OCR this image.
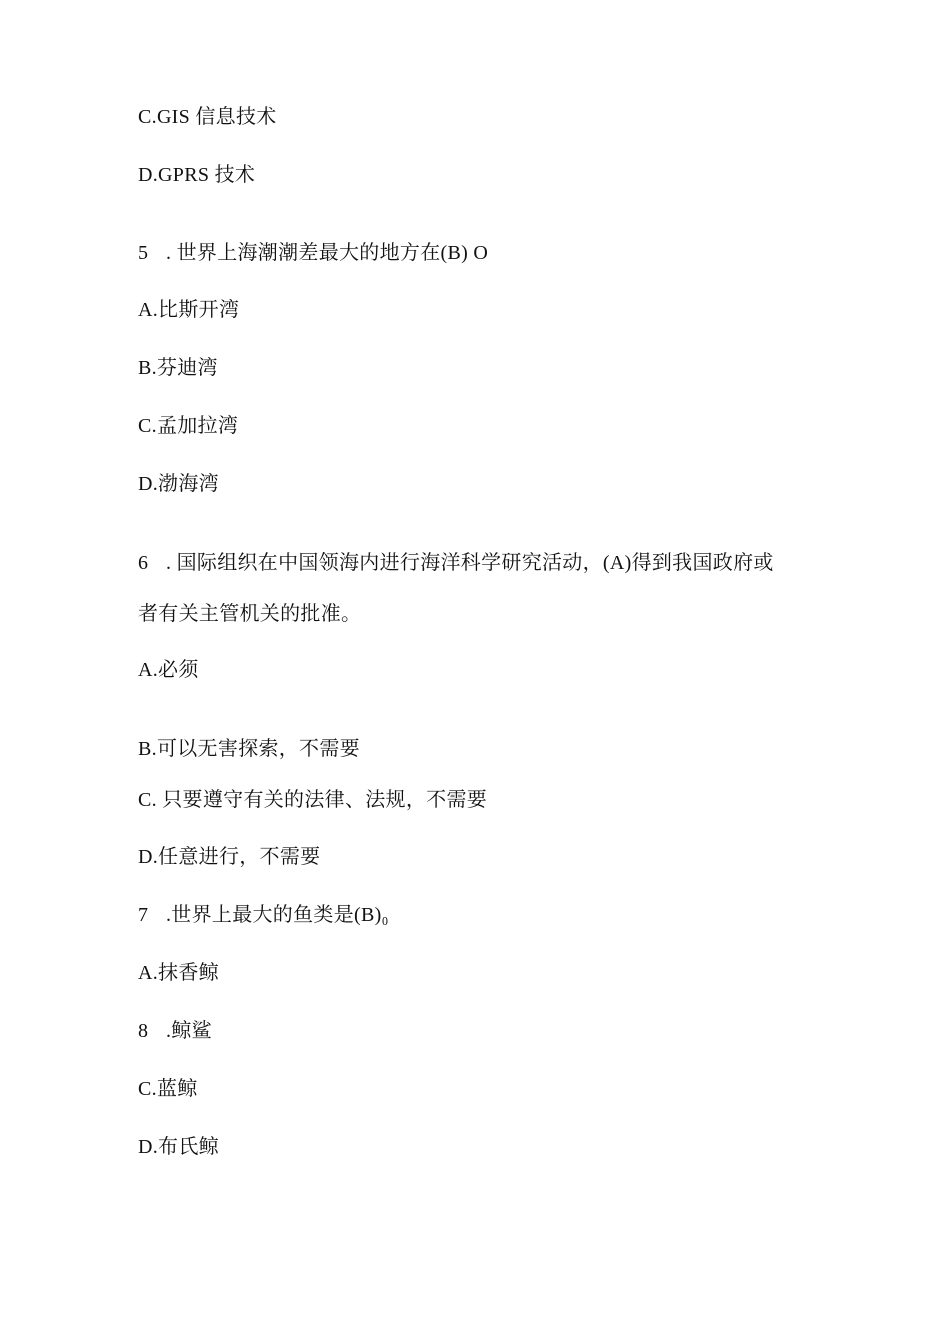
C.GIS 信息技术
D.GPRS 技术
5 . 世界上海潮潮差最大的地方在(B) O
A.比斯开湾
B.芬迪湾
C.孟加拉湾
D.渤海湾
6 . 国际组织在中国领海内进行海洋科学研究活动，(A)得到我国政府或
者有关主管机关的批准。
A.必须
B.可以无害探索，不需要
C. 只要遵守有关的法律、法规，不需要
D.任意进行，不需要
7 .世界上最大的鱼类是(B)₀
A.抹香鲸
8 .鲸鲨
C.蓝鲸
D.布氏鲸
